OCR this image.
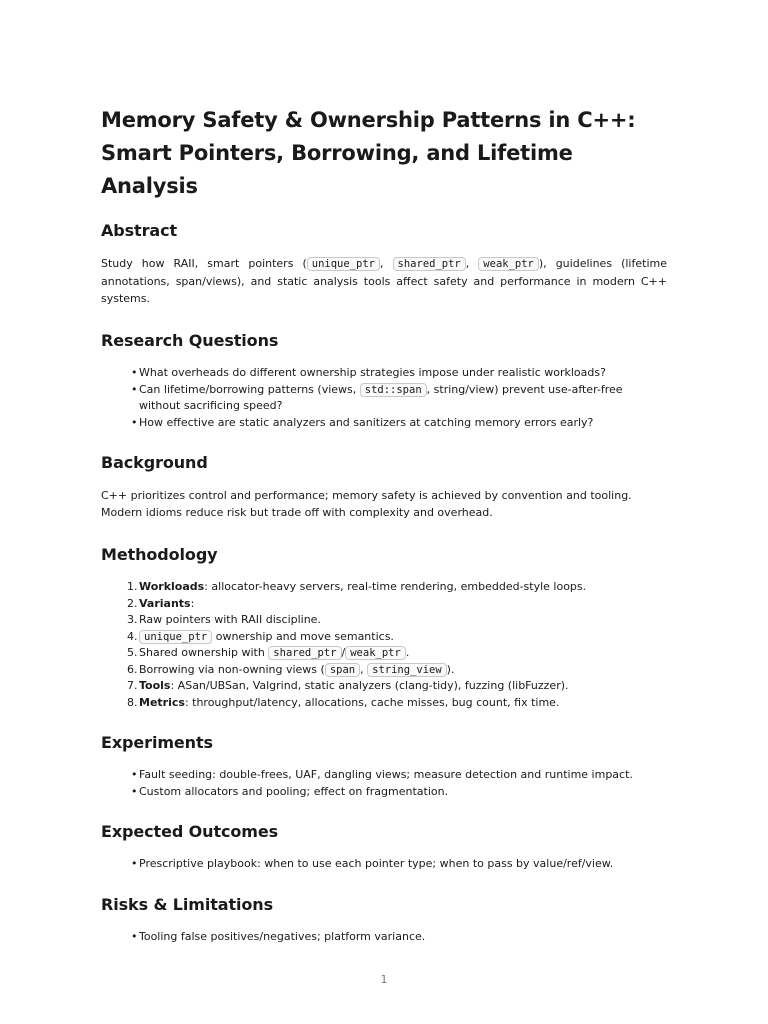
Memory Safety & Ownership Patterns in C++: Smart Pointers, Borrowing, and Lifetime Analysis
Abstract

Study how RAII, smart pointers ( unique_ptr , shared_ptr , weak_ptr ), guidelines (lifetime annotations, span/views), and static analysis tools affect safety and performance in modern C++ systems.

Research Questions
• What overheads do different ownership strategies impose under realistic workloads?
• Can lifetime/borrowing patterns (views, std::span , string/view) prevent use-after-free without sacrificing speed?
• How effective are static analyzers and sanitizers at catching memory errors early?
Background

C++ prioritizes control and performance; memory safety is achieved by convention and tooling. Modern idioms reduce risk but trade off with complexity and overhead.

Methodology
1. Workloads: allocator-heavy servers, real-time rendering, embedded-style loops.
2. Variants:
3. Raw pointers with RAII discipline.
4. unique_ptr ownership and move semantics.
5. Shared ownership with shared_ptr / weak_ptr .
6. Borrowing via non-owning views ( span , string_view ).
7. Tools: ASan/UBSan, Valgrind, static analyzers (clang-tidy), fuzzing (libFuzzer).
8. Metrics: throughput/latency, allocations, cache misses, bug count, fix time.
Experiments
• Fault seeding: double-frees, UAF, dangling views; measure detection and runtime impact.
• Custom allocators and pooling; effect on fragmentation.
Expected Outcomes
• Prescriptive playbook: when to use each pointer type; when to pass by value/ref/view.
Risks & Limitations
• Tooling false positives/negatives; platform variance.
1
